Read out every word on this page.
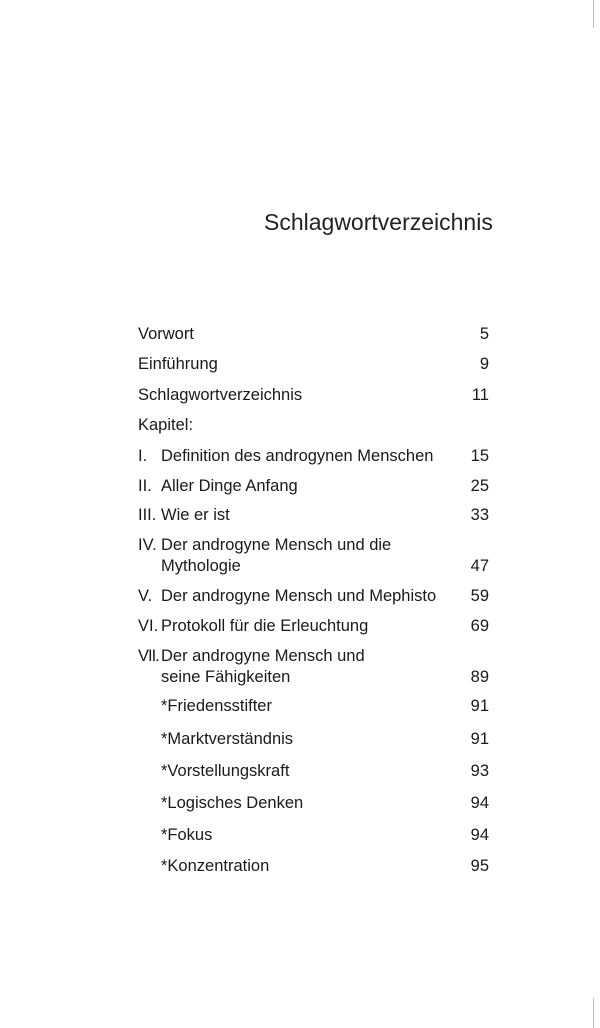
Schlagwortverzeichnis
Vorwort	5
Einführung	9
Schlagwortverzeichnis	11
Kapitel:
I. Definition des androgynen Menschen 15
II. Aller Dinge Anfang	25
III. Wie er ist	33
IV. Der androgyne Mensch und die
Mythologie	47
V. Der androgyne Mensch und Mephisto 59
VI. Protokoll für die Erleuchtung	69
VII. Der androgyne Mensch und
seine Fähigkeiten	89
*Friedensstifter	91
*Marktverständnis	91
*Vorstellungskraft	93
*Logisches Denken	94
*Fokus	94
*Konzentration	95
